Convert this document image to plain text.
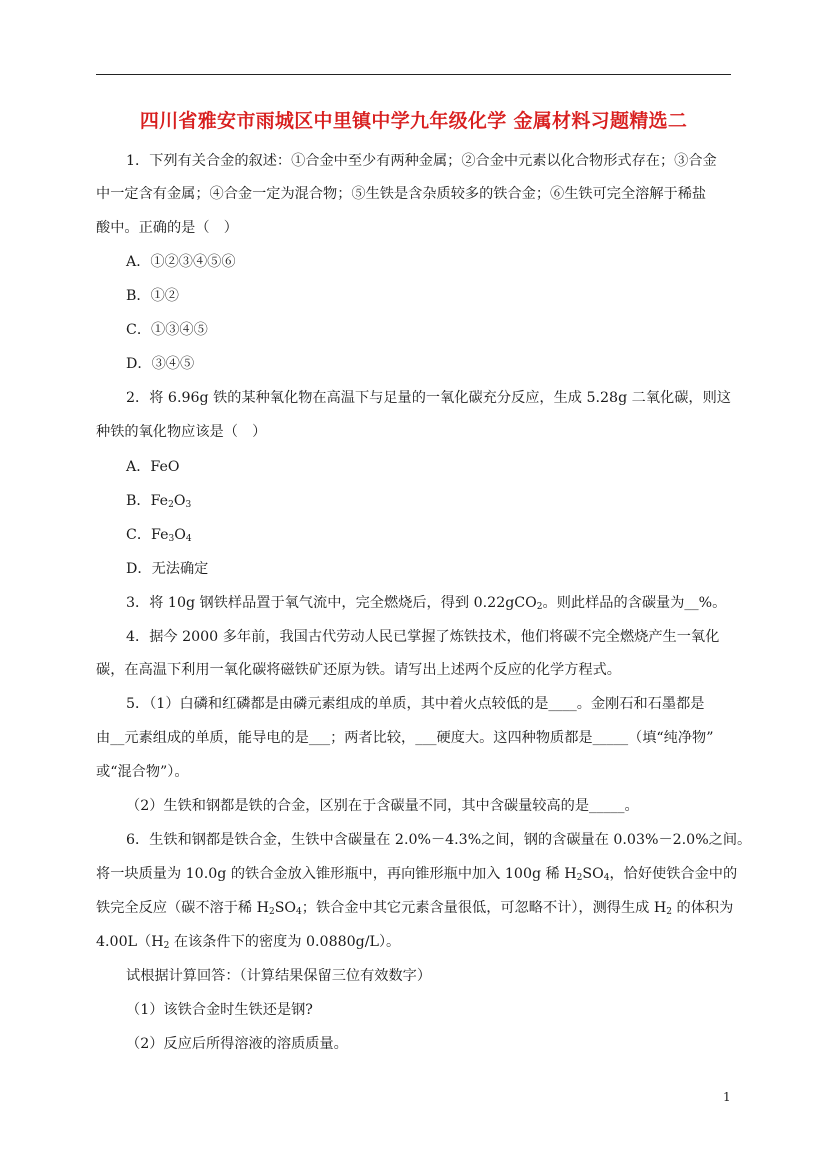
四川省雅安市雨城区中里镇中学九年级化学 金属材料习题精选二
1．下列有关合金的叙述：①合金中至少有两种金属；②合金中元素以化合物形式存在；③合金
中一定含有金属；④合金一定为混合物；⑤生铁是含杂质较多的铁合金；⑥生铁可完全溶解于稀盐
酸中。正确的是（　）
A．①②③④⑤⑥
B．①②
C．①③④⑤
D．③④⑤
2．将 6.96g 铁的某种氧化物在高温下与足量的一氧化碳充分反应，生成 5.28g 二氧化碳，则这
种铁的氧化物应该是（　）
A．FeO
B．$Fe_2O_3$
C．$Fe_3O_4$
D．无法确定
3．将 10g 钢铁样品置于氧气流中，完全燃烧后，得到 0.22gCO$_2$。则此样品的含碳量为__%。
4．据今 2000 多年前，我国古代劳动人民已掌握了炼铁技术，他们将碳不完全燃烧产生一氧化
碳，在高温下利用一氧化碳将磁铁矿还原为铁。请写出上述两个反应的化学方程式。
5．（1）白磷和红磷都是由磷元素组成的单质，其中着火点较低的是____。金刚石和石墨都是
由__元素组成的单质，能导电的是___；两者比较，___硬度大。这四种物质都是_____（填“纯净物”
或“混合物”）。
（2）生铁和钢都是铁的合金，区别在于含碳量不同，其中含碳量较高的是_____。
6．生铁和钢都是铁合金，生铁中含碳量在 2.0%－4.3%之间，钢的含碳量在 0.03%－2.0%之间。
将一块质量为 10.0g 的铁合金放入锥形瓶中，再向锥形瓶中加入 100g 稀 $H_2SO_4$，恰好使铁合金中的
铁完全反应（碳不溶于稀 $H_2SO_4$；铁合金中其它元素含量很低，可忽略不计），测得生成 $H_2$ 的体积为
$4.00L(H_2$ 在该条件下的密度为 0.0880g/L）。
试根据计算回答：（计算结果保留三位有效数字）
（1）该铁合金时生铁还是钢?
（2）反应后所得溶液的溶质质量。
1
